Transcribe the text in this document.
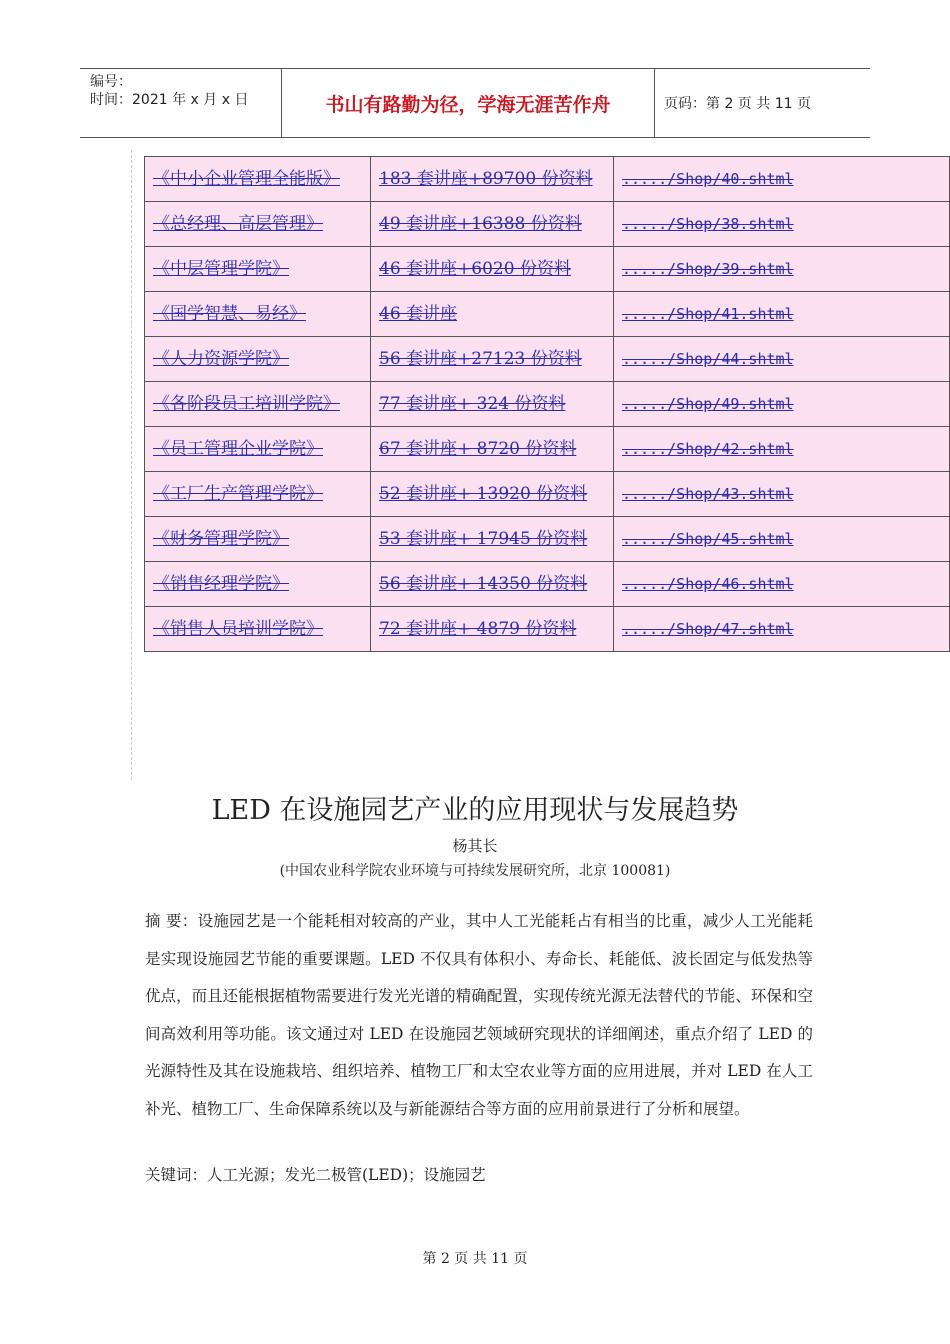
编号：
时间：2021 年 x 月 x 日	书山有路勤为径，学海无涯苦作舟	页码：第 2 页 共 11 页
《中小企业管理全能版》	183 套讲座+89700 份资料	...../Shop/40.shtml
《总经理、高层管理》	49 套讲座+16388 份资料	...../Shop/38.shtml
《中层管理学院》	46 套讲座+6020 份资料	...../Shop/39.shtml
《国学智慧、易经》	46 套讲座	...../Shop/41.shtml
《人力资源学院》	56 套讲座+27123 份资料	...../Shop/44.shtml
《各阶段员工培训学院》	77 套讲座+ 324 份资料	...../Shop/49.shtml
《员工管理企业学院》	67 套讲座+ 8720 份资料	...../Shop/42.shtml
《工厂生产管理学院》	52 套讲座+ 13920 份资料	...../Shop/43.shtml
《财务管理学院》	53 套讲座+ 17945 份资料	...../Shop/45.shtml
《销售经理学院》	56 套讲座+ 14350 份资料	...../Shop/46.shtml
《销售人员培训学院》	72 套讲座+ 4879 份资料	...../Shop/47.shtml
LED 在设施园艺产业的应用现状与发展趋势
杨其长
(中国农业科学院农业环境与可持续发展研究所，北京 100081)
摘 要：设施园艺是一个能耗相对较高的产业，其中人工光能耗占有相当的比重，减少人工光能耗是实现设施园艺节能的重要课题。LED 不仅具有体积小、寿命长、耗能低、波长固定与低发热等优点，而且还能根据植物需要进行发光光谱的精确配置，实现传统光源无法替代的节能、环保和空间高效利用等功能。该文通过对 LED 在设施园艺领域研究现状的详细阐述，重点介绍了 LED 的光源特性及其在设施栽培、组织培养、植物工厂和太空农业等方面的应用进展，并对 LED 在人工补光、植物工厂、生命保障系统以及与新能源结合等方面的应用前景进行了分析和展望。
关键词：人工光源；发光二极管(LED)；设施园艺
第 2 页 共 11 页
